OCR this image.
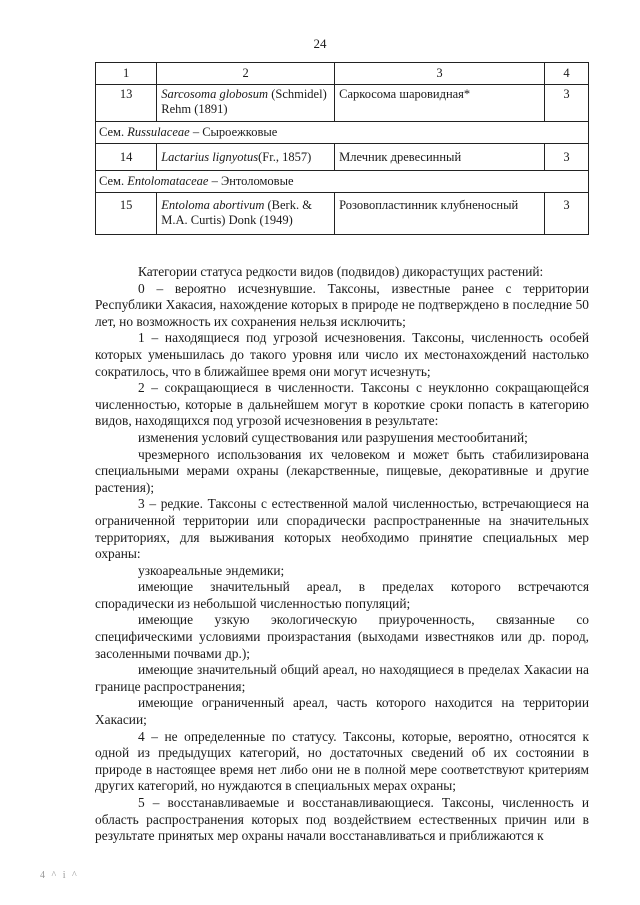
24
1	2	3	4
13	Sarcosoma globosum (Schmidel) Rehm (1891)	Саркосома шаровидная*	3
Сем. Russulaceae – Сыроежковые			
14	Lactarius lignyotus(Fr., 1857)	Млечник древесинный	3
Сем. Entolomataceae – Энтоломовые			
15	Entoloma abortivum (Berk. & M.A. Curtis) Donk (1949)	Розовопластинник клубненосный	3

Категории статуса редкости видов (подвидов) дикорастущих растений:

0 – вероятно исчезнувшие. Таксоны, известные ранее с территории Республики Хакасия, нахождение которых в природе не подтверждено в последние 50 лет, но возможность их сохранения нельзя исключить;

1 – находящиеся под угрозой исчезновения. Таксоны, численность особей которых уменьшилась до такого уровня или число их местонахождений настолько сократилось, что в ближайшее время они могут исчезнуть;

2 – сокращающиеся в численности. Таксоны с неуклонно сокращающейся численностью, которые в дальнейшем могут в короткие сроки попасть в категорию видов, находящихся под угрозой исчезновения в результате:

изменения условий существования или разрушения местообитаний;

чрезмерного использования их человеком и может быть стабилизирована специальными мерами охраны (лекарственные, пищевые, декоративные и другие растения);

3 – редкие. Таксоны с естественной малой численностью, встречающиеся на ограниченной территории или спорадически распространенные на значительных территориях, для выживания которых необходимо принятие специальных мер охраны:

узкоареальные эндемики;

имеющие значительный ареал, в пределах которого встречаются спорадически из небольшой численностью популяций;

имеющие узкую экологическую приуроченность, связанные со специфическими условиями произрастания (выходами известняков или др. пород, засоленными почвами др.);

имеющие значительный общий ареал, но находящиеся в пределах Хакасии на границе распространения;

имеющие ограниченный ареал, часть которого находится на территории Хакасии;

4 – не определенные по статусу. Таксоны, которые, вероятно, относятся к одной из предыдущих категорий, но достаточных сведений об их состоянии в природе в настоящее время нет либо они не в полной мере соответствуют критериям других категорий, но нуждаются в специальных мерах охраны;

5 – восстанавливаемые и восстанавливающиеся. Таксоны, численность и область распространения которых под воздействием естественных причин или в результате принятых мер охраны начали восстанавливаться и приближаются к

4 ^ i ^
